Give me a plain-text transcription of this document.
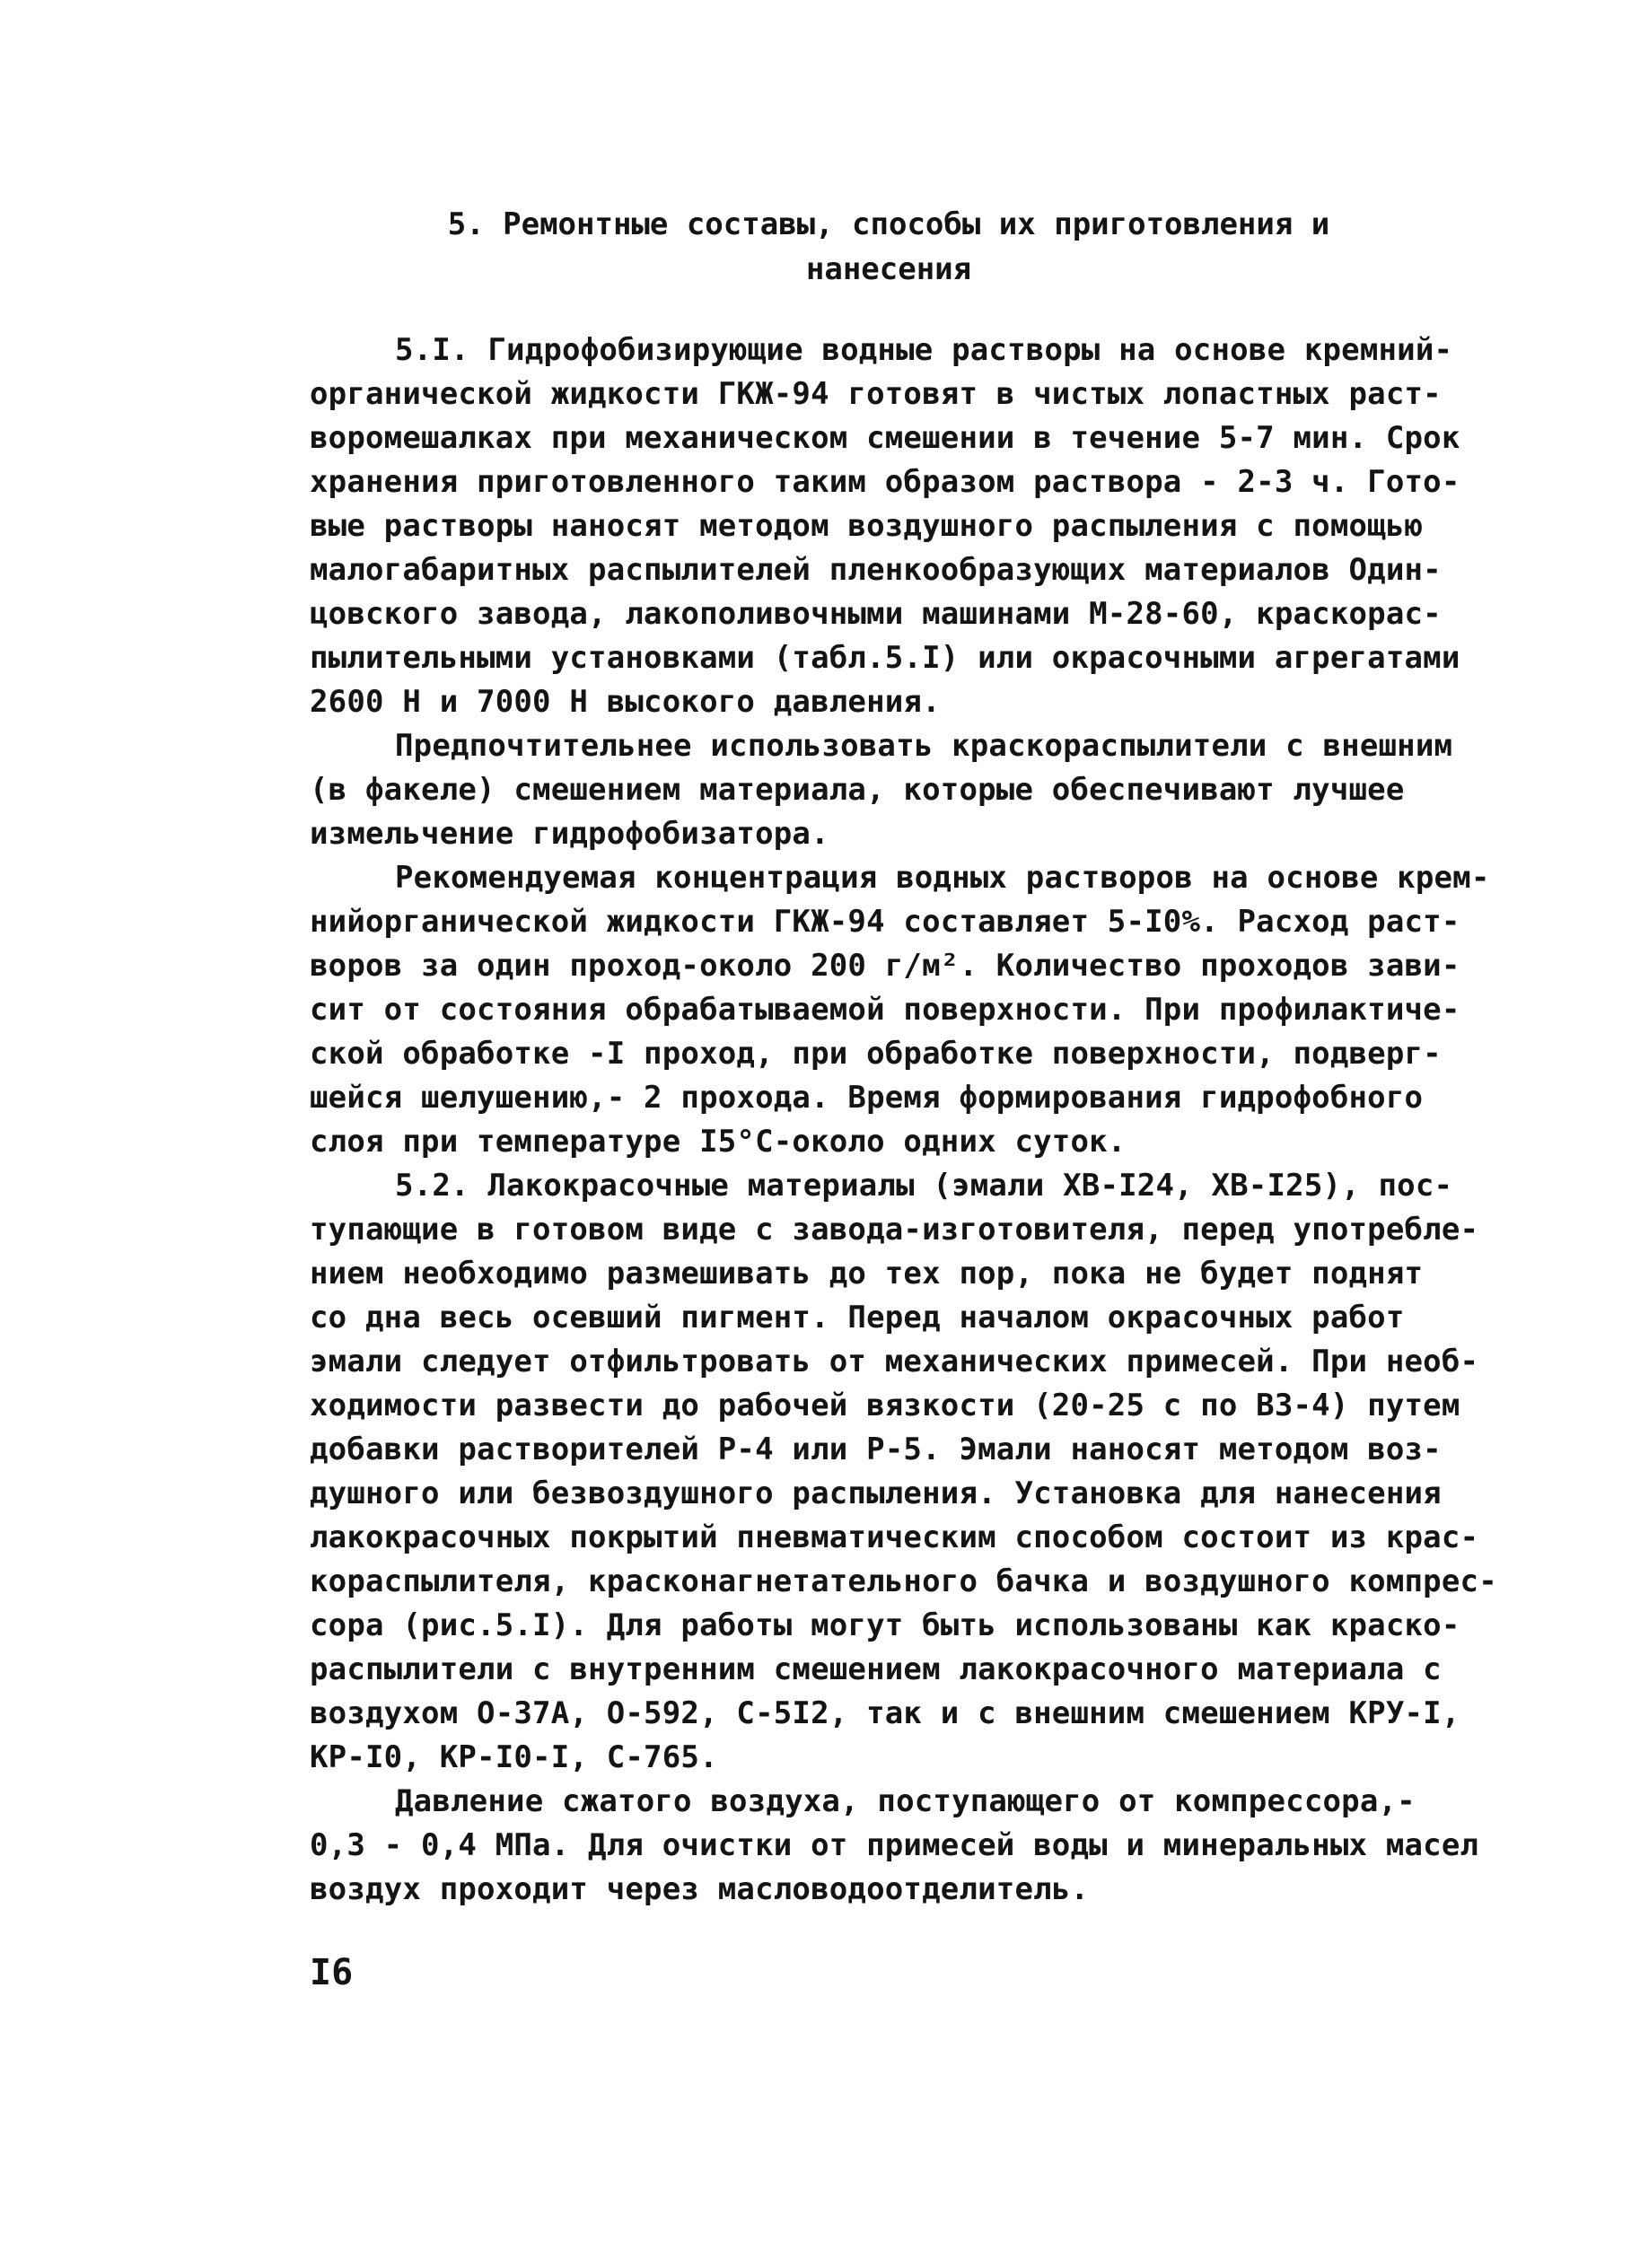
5. Ремонтные составы, способы их приготовления и
нанесения
5.I. Гидрофобизирующие водные растворы на основе кремний-
органической жидкости ГКЖ-94 готовят в чистых лопастных раст-
воромешалках при механическом смешении в течение 5-7 мин. Срок
хранения приготовленного таким образом раствора - 2-3 ч. Гото-
вые растворы наносят методом воздушного распыления с помощью
малогабаритных распылителей пленкообразующих материалов Один-
цовского завода, лакополивочными машинами М-28-60, краскорас-
пылительными установками (табл.5.I) или окрасочными агрегатами
2600 Н и 7000 Н высокого давления.
Предпочтительнее использовать краскораспылители с внешним
(в факеле) смешением материала, которые обеспечивают лучшее
измельчение гидрофобизатора.
Рекомендуемая концентрация водных растворов на основе крем-
нийорганической жидкости ГКЖ-94 составляет 5-I0%. Расход раст-
воров за один проход-около 200 г/м². Количество проходов зави-
сит от состояния обрабатываемой поверхности. При профилактиче-
ской обработке -I проход, при обработке поверхности, подверг-
шейся шелушению,- 2 прохода. Время формирования гидрофобного
слоя при температуре I5°С-около одних суток.
5.2. Лакокрасочные материалы (эмали ХВ-I24, ХВ-I25), пос-
тупающие в готовом виде с завода-изготовителя, перед употребле-
нием необходимо размешивать до тех пор, пока не будет поднят
со дна весь осевший пигмент. Перед началом окрасочных работ
эмали следует отфильтровать от механических примесей. При необ-
ходимости развести до рабочей вязкости (20-25 с по ВЗ-4) путем
добавки растворителей Р-4 или Р-5. Эмали наносят методом воз-
душного или безвоздушного распыления. Установка для нанесения
лакокрасочных покрытий пневматическим способом состоит из крас-
кораспылителя, красконагнетательного бачка и воздушного компрес-
сора (рис.5.I). Для работы могут быть использованы как краско-
распылители с внутренним смешением лакокрасочного материала с
воздухом О-37А, О-592, С-5I2, так и с внешним смешением КРУ-I,
КР-I0, КР-I0-I, С-765.
Давление сжатого воздуха, поступающего от компрессора,-
0,3 - 0,4 МПа. Для очистки от примесей воды и минеральных масел
воздух проходит через масловодоотделитель.
I6
